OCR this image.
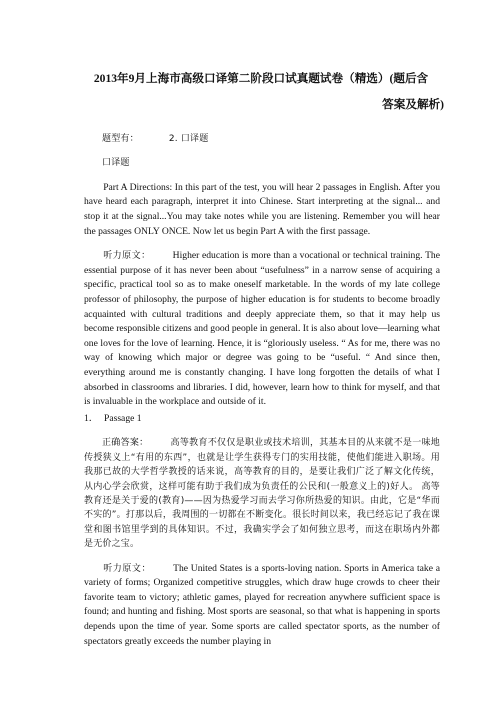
2013年9月上海市高级口译第二阶段口试真题试卷（精选）(题后含
答案及解析)
题型有：	2. 口译题
口译题

Part A Directions: In this part of the test, you will hear 2 passages in English. After you have heard each paragraph, interpret it into Chinese. Start interpreting at the signal... and stop it at the signal...You may take notes while you are listening. Remember you will hear the passages ONLY ONCE. Now let us begin Part A with the first passage.

听力原文： Higher education is more than a vocational or technical training. The essential purpose of it has never been about “usefulness” in a narrow sense of acquiring a specific, practical tool so as to make oneself marketable. In the words of my late college professor of philosophy, the purpose of higher education is for students to become broadly acquainted with cultural traditions and deeply appreciate them, so that it may help us become responsible citizens and good people in general. It is also about love—learning what one loves for the love of learning. Hence, it is “gloriously useless. “ As for me, there was no way of knowing which major or degree was going to be “useful. “ And since then, everything around me is constantly changing. I have long forgotten the details of what I absorbed in classrooms and libraries. I did, however, learn how to think for myself, and that is invaluable in the workplace and outside of it.

1． Passage 1

正确答案： 高等教育不仅仅是职业或技术培训，其基本目的从来就不是一味地传授狭义上“有用的东西”，也就是让学生获得专门的实用技能，使他们能进入职场。用我那已故的大学哲学教授的话来说，高等教育的目的，是要让我们广泛了解文化传统，从内心学会欣赏，这样可能有助于我们成为负责任的公民和(一般意义上的)好人。 高等教育还是关于爱的(教育)——因为热爱学习而去学习你所热爱的知识。由此，它是“华而不实的”。打那以后，我周围的一切都在不断变化。很长时间以来，我已经忘记了我在课堂和图书馆里学到的具体知识。不过，我确实学会了如何独立思考，而这在职场内外都是无价之宝。

听力原文： The United States is a sports-loving nation. Sports in America take a variety of forms; Organized competitive struggles, which draw huge crowds to cheer their favorite team to victory; athletic games, played for recreation anywhere sufficient space is found; and hunting and fishing. Most sports are seasonal, so that what is happening in sports depends upon the time of year. Some sports are called spectator sports, as the number of spectators greatly exceeds the number playing in
